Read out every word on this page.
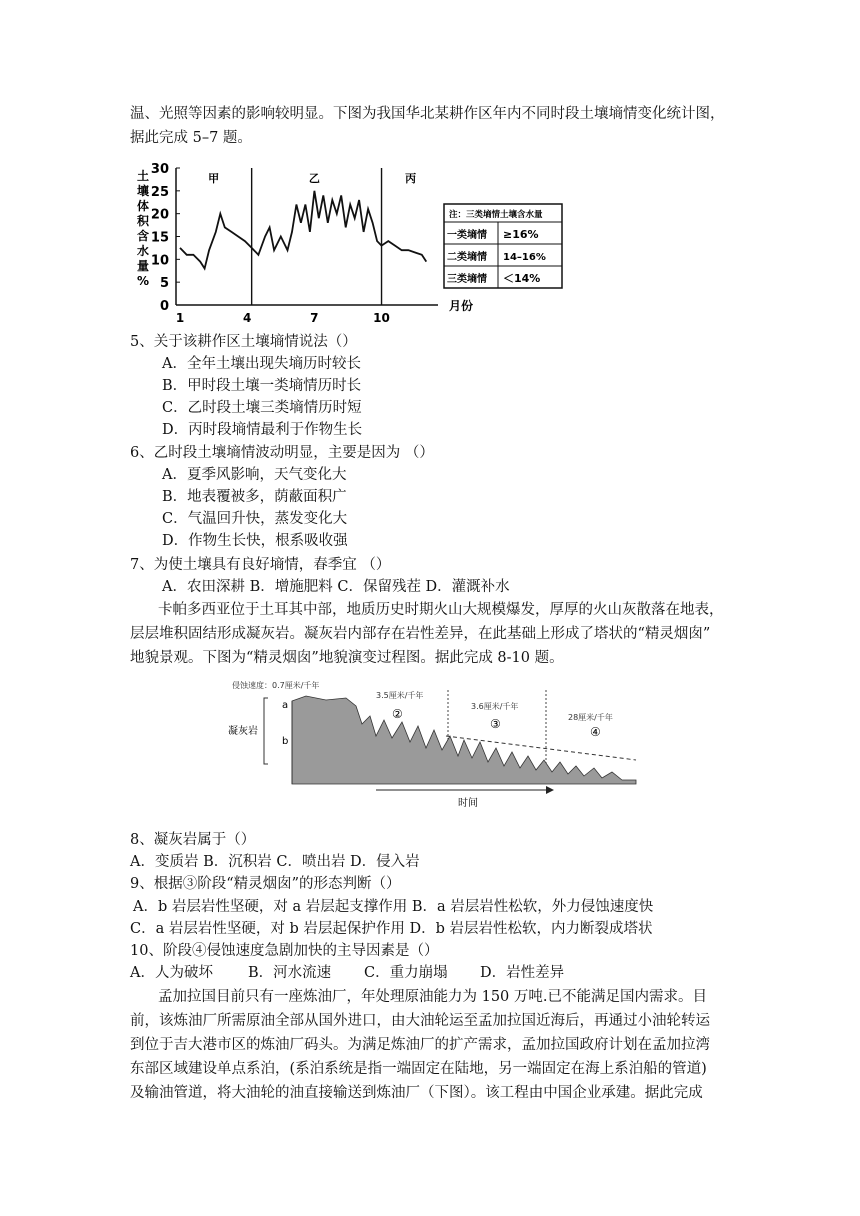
温、光照等因素的影响较明显。下图为我国华北某耕作区年内不同时段土壤墒情变化统计图，
据此完成 5–7 题。
土
壤
体
积
含
水
量
%
0
5
10
15
20
25
30
1	4	7	10
甲	乙	丙
月份
注：三类墒情土壤含水量
一类墒情 ≥16%
二类墒情 14–16%
三类墒情 ＜14%
5、关于该耕作区土壤墒情说法（）
A．全年土壤出现失墒历时较长
B．甲时段土壤一类墒情历时长
C．乙时段土壤三类墒情历时短
D．丙时段墒情最利于作物生长
6、乙时段土壤墒情波动明显，主要是因为 （）
A．夏季风影响，天气变化大
B．地表覆被多，荫蔽面积广
C．气温回升快，蒸发变化大
D．作物生长快，根系吸收强
7、为使土壤具有良好墒情，春季宜 （）
A．农田深耕 B．增施肥料 C．保留残茬 D．灌溉补水
卡帕多西亚位于土耳其中部，地质历史时期火山大规模爆发，厚厚的火山灰散落在地表，
层层堆积固结形成凝灰岩。凝灰岩内部存在岩性差异，在此基础上形成了塔状的“精灵烟囱”
地貌景观。下图为“精灵烟囱”地貌演变过程图。据此完成 8-10 题。
侵蚀速度：0.7厘米/千年
3.5厘米/千年
3.6厘米/千年
28厘米/千年
②
③
④
凝灰岩
a
b
时间
8、凝灰岩属于（）
A．变质岩 B．沉积岩 C．喷出岩 D．侵入岩
9、根据③阶段“精灵烟囱”的形态判断（）
A．b 岩层岩性坚硬，对 a 岩层起支撑作用 B．a 岩层岩性松软，外力侵蚀速度快
C．a 岩层岩性坚硬，对 b 岩层起保护作用 D．b 岩层岩性松软，内力断裂成塔状
10、阶段④侵蚀速度急剧加快的主导因素是（）
A．人为破坏 B．河水流速 C．重力崩塌 D．岩性差异
孟加拉国目前只有一座炼油厂，年处理原油能力为 150 万吨.已不能满足国内需求。目
前，该炼油厂所需原油全部从国外进口，由大油轮运至孟加拉国近海后，再通过小油轮转运
到位于吉大港市区的炼油厂码头。为满足炼油厂的扩产需求，孟加拉国政府计划在孟加拉湾
东部区域建设单点系泊，(系泊系统是指一端固定在陆地，另一端固定在海上系泊船的管道)
及输油管道，将大油轮的油直接输送到炼油厂（下图）。该工程由中国企业承建。据此完成
